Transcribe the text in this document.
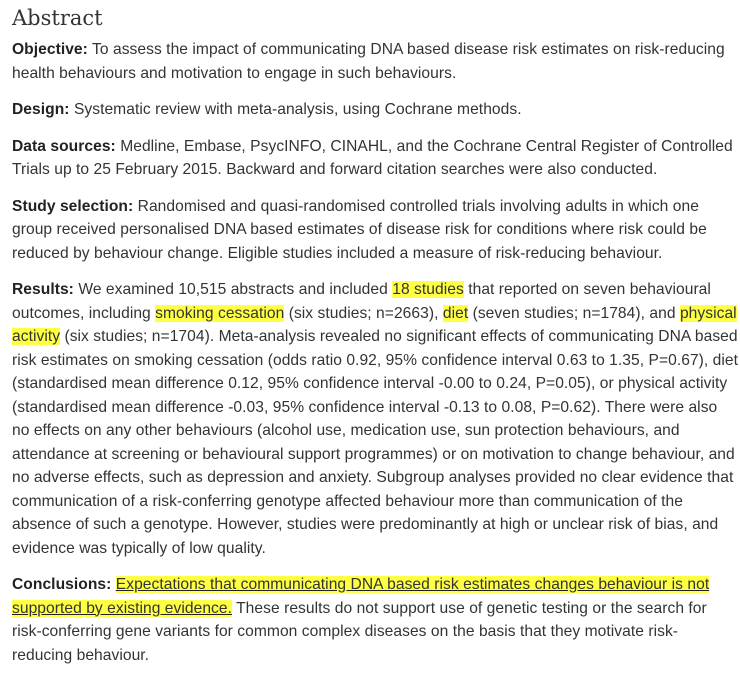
Abstract

Objective: To assess the impact of communicating DNA based disease risk estimates on risk-reducing health behaviours and motivation to engage in such behaviours.

Design: Systematic review with meta-analysis, using Cochrane methods.

Data sources: Medline, Embase, PsycINFO, CINAHL, and the Cochrane Central Register of Controlled Trials up to 25 February 2015. Backward and forward citation searches were also conducted.

Study selection: Randomised and quasi-randomised controlled trials involving adults in which one group received personalised DNA based estimates of disease risk for conditions where risk could be reduced by behaviour change. Eligible studies included a measure of risk-reducing behaviour.

Results: We examined 10,515 abstracts and included 18 studies that reported on seven behavioural outcomes, including smoking cessation (six studies; n=2663), diet (seven studies; n=1784), and physical activity (six studies; n=1704). Meta-analysis revealed no significant effects of communicating DNA based risk estimates on smoking cessation (odds ratio 0.92, 95% confidence interval 0.63 to 1.35, P=0.67), diet (standardised mean difference 0.12, 95% confidence interval -0.00 to 0.24, P=0.05), or physical activity (standardised mean difference -0.03, 95% confidence interval -0.13 to 0.08, P=0.62). There were also no effects on any other behaviours (alcohol use, medication use, sun protection behaviours, and attendance at screening or behavioural support programmes) or on motivation to change behaviour, and no adverse effects, such as depression and anxiety. Subgroup analyses provided no clear evidence that communication of a risk-conferring genotype affected behaviour more than communication of the absence of such a genotype. However, studies were predominantly at high or unclear risk of bias, and evidence was typically of low quality.

Conclusions: Expectations that communicating DNA based risk estimates changes behaviour is not supported by existing evidence. These results do not support use of genetic testing or the search for risk-conferring gene variants for common complex diseases on the basis that they motivate risk-reducing behaviour.
